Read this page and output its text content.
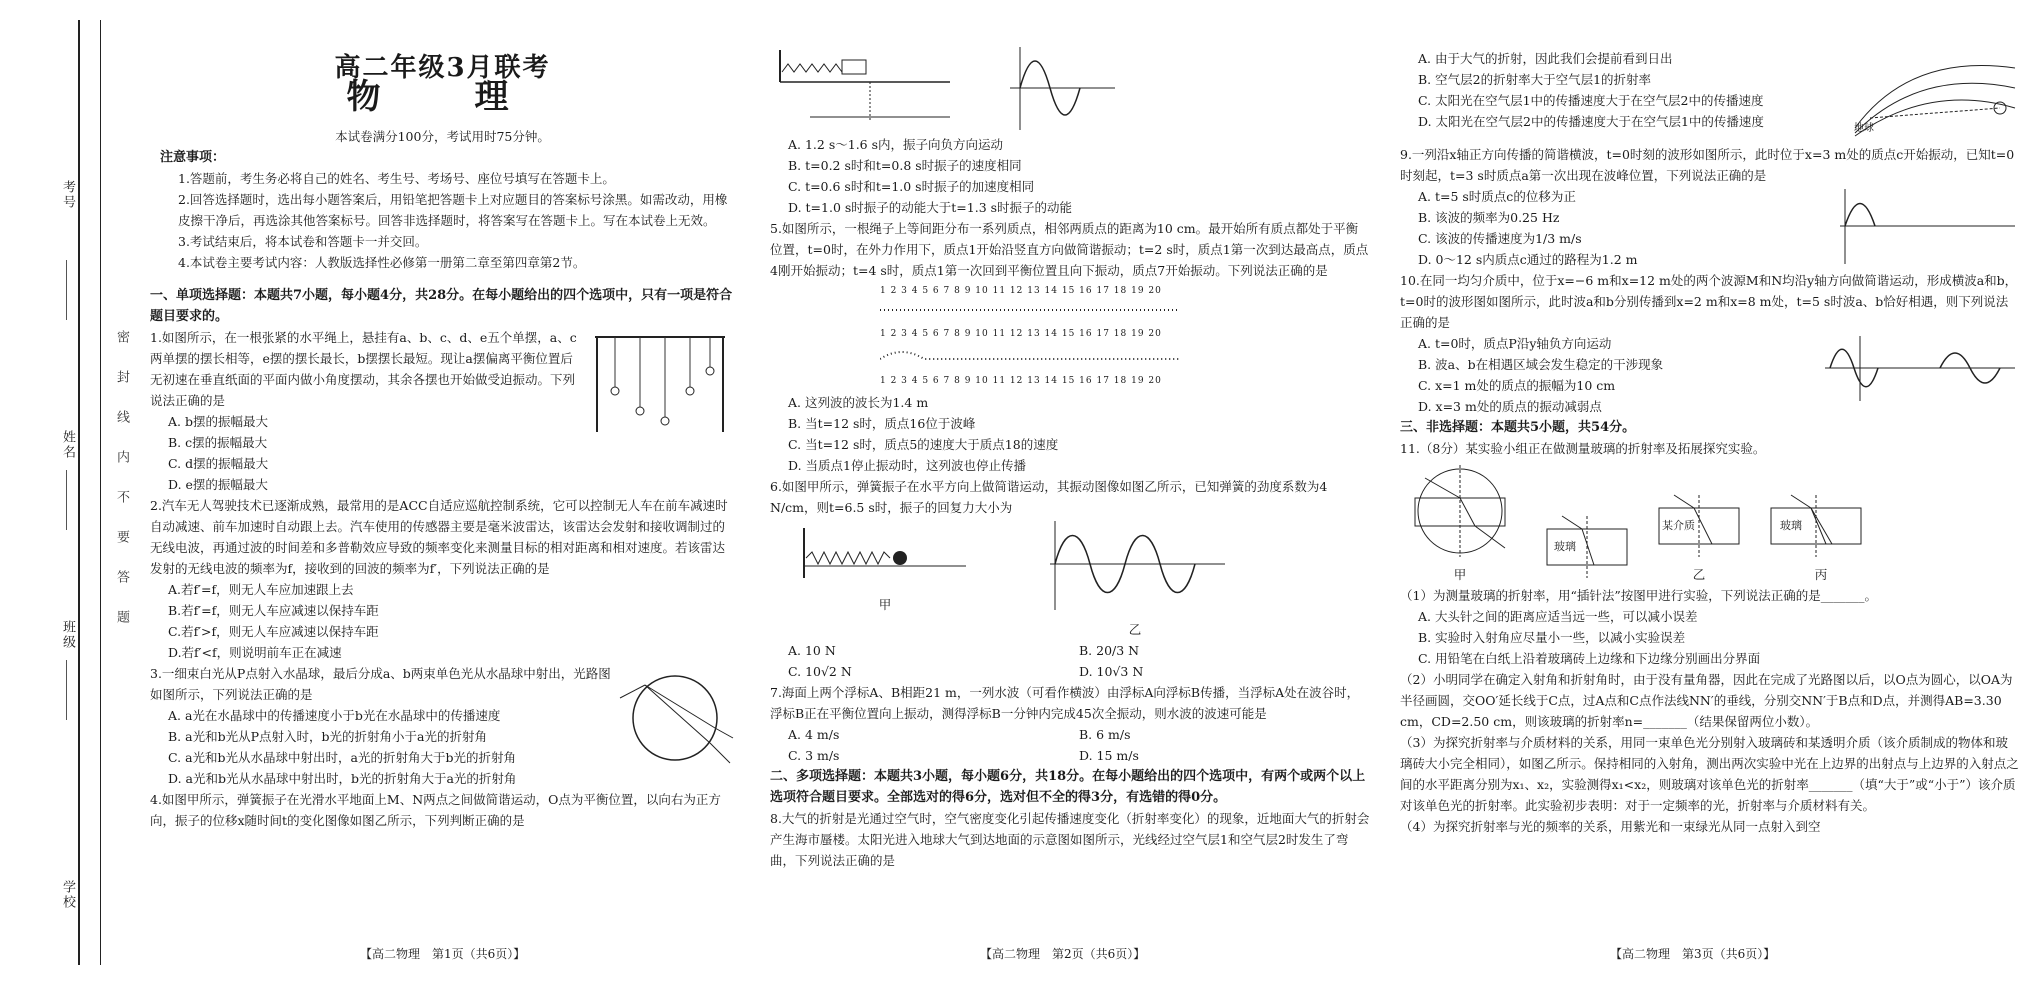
考号
姓名
班级
学校
密
封
线
内
不
要
答
题
高二年级3月联考
物　理

本试卷满分100分，考试用时75分钟。

注意事项：

1.答题前，考生务必将自己的姓名、考生号、考场号、座位号填写在答题卡上。

2.回答选择题时，选出每小题答案后，用铅笔把答题卡上对应题目的答案标号涂黑。如需改动，用橡皮擦干净后，再选涂其他答案标号。回答非选择题时，将答案写在答题卡上。写在本试卷上无效。

3.考试结束后，将本试卷和答题卡一并交回。

4.本试卷主要考试内容：人教版选择性必修第一册第二章至第四章第2节。

一、单项选择题：本题共7小题，每小题4分，共28分。在每小题给出的四个选项中，只有一项是符合题目要求的。

1.如图所示，在一根张紧的水平绳上，悬挂有a、b、c、d、e五个单摆，a、c两单摆的摆长相等，e摆的摆长最长，b摆摆长最短。现让a摆偏离平衡位置后无初速在垂直纸面的平面内做小角度摆动，其余各摆也开始做受迫振动。下列说法正确的是

A. b摆的振幅最大

B. c摆的振幅最大

C. d摆的振幅最大

D. e摆的振幅最大

2.汽车无人驾驶技术已逐渐成熟，最常用的是ACC自适应巡航控制系统，它可以控制无人车在前车减速时自动减速、前车加速时自动跟上去。汽车使用的传感器主要是毫米波雷达，该雷达会发射和接收调制过的无线电波，再通过波的时间差和多普勒效应导致的频率变化来测量目标的相对距离和相对速度。若该雷达发射的无线电波的频率为f，接收到的回波的频率为f′，下列说法正确的是

A.若f′=f，则无人车应加速跟上去

B.若f′=f，则无人车应减速以保持车距

C.若f′>f，则无人车应减速以保持车距

D.若f′<f，则说明前车正在减速

3.一细束白光从P点射入水晶球，最后分成a、b两束单色光从水晶球中射出，光路图如图所示，下列说法正确的是

A. a光在水晶球中的传播速度小于b光在水晶球中的传播速度

B. a光和b光从P点射入时，b光的折射角小于a光的折射角

C. a光和b光从水晶球中射出时，a光的折射角大于b光的折射角

D. a光和b光从水晶球中射出时，b光的折射角大于a光的折射角

4.如图甲所示，弹簧振子在光滑水平地面上M、N两点之间做简谐运动，O点为平衡位置，以向右为正方向，振子的位移x随时间t的变化图像如图乙所示，下列判断正确的是

【高二物理　第1页（共6页）】

A. 1.2 s～1.6 s内，振子向负方向运动

B. t=0.2 s时和t=0.8 s时振子的速度相同

C. t=0.6 s时和t=1.0 s时振子的加速度相同

D. t=1.0 s时振子的动能大于t=1.3 s时振子的动能

5.如图所示，一根绳子上等间距分布一系列质点，相邻两质点的距离为10 cm。最开始所有质点都处于平衡位置，t=0时，在外力作用下，质点1开始沿竖直方向做简谐振动；t=2 s时，质点1第一次到达最高点，质点4刚开始振动；t=4 s时，质点1第一次回到平衡位置且向下振动，质点7开始振动。下列说法正确的是

1 2 3 4 5 6 7 8 9 10 11 12 13 14 15 16 17 18 19 20

1 2 3 4 5 6 7 8 9 10 11 12 13 14 15 16 17 18 19 20

1 2 3 4 5 6 7 8 9 10 11 12 13 14 15 16 17 18 19 20

A. 这列波的波长为1.4 m

B. 当t=12 s时，质点16位于波峰

C. 当t=12 s时，质点5的速度大于质点18的速度

D. 当质点1停止振动时，这列波也停止传播

6.如图甲所示，弹簧振子在水平方向上做简谐运动，其振动图像如图乙所示，已知弹簧的劲度系数为4 N/cm，则t=6.5 s时，振子的回复力大小为

甲
乙
A. 10 N	B. 20/3 N
C. 10√2 N	D. 10√3 N

7.海面上两个浮标A、B相距21 m，一列水波（可看作横波）由浮标A向浮标B传播，当浮标A处在波谷时，浮标B正在平衡位置向上振动，测得浮标B一分钟内完成45次全振动，则水波的波速可能是

A. 4 m/s	B. 6 m/s
C. 3 m/s	D. 15 m/s

二、多项选择题：本题共3小题，每小题6分，共18分。在每小题给出的四个选项中，有两个或两个以上选项符合题目要求。全部选对的得6分，选对但不全的得3分，有选错的得0分。

8.大气的折射是光通过空气时，空气密度变化引起传播速度变化（折射率变化）的现象，近地面大气的折射会产生海市蜃楼。太阳光进入地球大气到达地面的示意图如图所示，光线经过空气层1和空气层2时发生了弯曲，下列说法正确的是

【高二物理　第2页（共6页）】

A. 由于大气的折射，因此我们会提前看到日出

B. 空气层2的折射率大于空气层1的折射率

C. 太阳光在空气层1中的传播速度大于在空气层2中的传播速度

D. 太阳光在空气层2中的传播速度大于在空气层1中的传播速度	地球

9.一列沿x轴正方向传播的简谐横波，t=0时刻的波形如图所示，此时位于x=3 m处的质点c开始振动，已知t=0时刻起，t=3 s时质点a第一次出现在波峰位置，下列说法正确的是

A. t=5 s时质点c的位移为正

B. 该波的频率为0.25 Hz

C. 该波的传播速度为1/3 m/s

D. 0～12 s内质点c通过的路程为1.2 m

10.在同一均匀介质中，位于x=−6 m和x=12 m处的两个波源M和N均沿y轴方向做简谐运动，形成横波a和b，t=0时的波形图如图所示，此时波a和b分别传播到x=2 m和x=8 m处，t=5 s时波a、b恰好相遇，则下列说法正确的是

A. t=0时，质点P沿y轴负方向运动

B. 波a、b在相遇区域会发生稳定的干涉现象

C. x=1 m处的质点的振幅为10 cm

D. x=3 m处的质点的振动减弱点

三、非选择题：本题共5小题，共54分。

11.（8分）某实验小组正在做测量玻璃的折射率及拓展探究实验。

甲
玻璃
某介质
乙
玻璃
丙

（1）为测量玻璃的折射率，用“插针法”按图甲进行实验，下列说法正确的是_______。

A. 大头针之间的距离应适当远一些，可以减小误差

B. 实验时入射角应尽量小一些，以减小实验误差

C. 用铅笔在白纸上沿着玻璃砖上边缘和下边缘分别画出分界面

（2）小明同学在确定入射角和折射角时，由于没有量角器，因此在完成了光路图以后，以O点为圆心，以OA为半径画圆，交OO′延长线于C点，过A点和C点作法线NN′的垂线，分别交NN′于B点和D点，并测得AB=3.30 cm，CD=2.50 cm，则该玻璃的折射率n=_______（结果保留两位小数）。

（3）为探究折射率与介质材料的关系，用同一束单色光分别射入玻璃砖和某透明介质（该介质制成的物体和玻璃砖大小完全相同），如图乙所示。保持相同的入射角，测出两次实验中光在上边界的出射点与上边界的入射点之间的水平距离分别为x₁、x₂，实验测得x₁<x₂，则玻璃对该单色光的折射率_______（填“大于”或“小于”）该介质对该单色光的折射率。此实验初步表明：对于一定频率的光，折射率与介质材料有关。

（4）为探究折射率与光的频率的关系，用紫光和一束绿光从同一点射入到空

【高二物理　第3页（共6页）】
